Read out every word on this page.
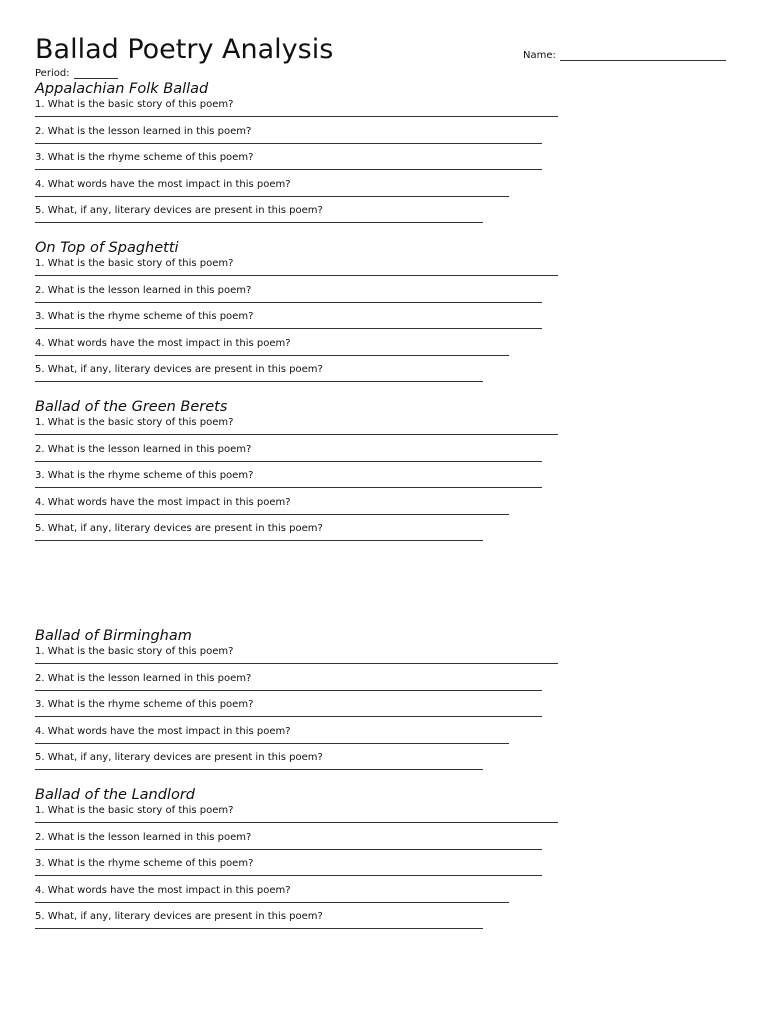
Ballad Poetry Analysis	Name:
Period:
Appalachian Folk Ballad
1. What is the basic story of this poem?
2. What is the lesson learned in this poem?
3. What is the rhyme scheme of this poem?
4. What words have the most impact in this poem?
5. What, if any, literary devices are present in this poem?
On Top of Spaghetti
1. What is the basic story of this poem?
2. What is the lesson learned in this poem?
3. What is the rhyme scheme of this poem?
4. What words have the most impact in this poem?
5. What, if any, literary devices are present in this poem?
Ballad of the Green Berets
1. What is the basic story of this poem?
2. What is the lesson learned in this poem?
3. What is the rhyme scheme of this poem?
4. What words have the most impact in this poem?
5. What, if any, literary devices are present in this poem?
Ballad of Birmingham
1. What is the basic story of this poem?
2. What is the lesson learned in this poem?
3. What is the rhyme scheme of this poem?
4. What words have the most impact in this poem?
5. What, if any, literary devices are present in this poem?
Ballad of the Landlord
1. What is the basic story of this poem?
2. What is the lesson learned in this poem?
3. What is the rhyme scheme of this poem?
4. What words have the most impact in this poem?
5. What, if any, literary devices are present in this poem?
